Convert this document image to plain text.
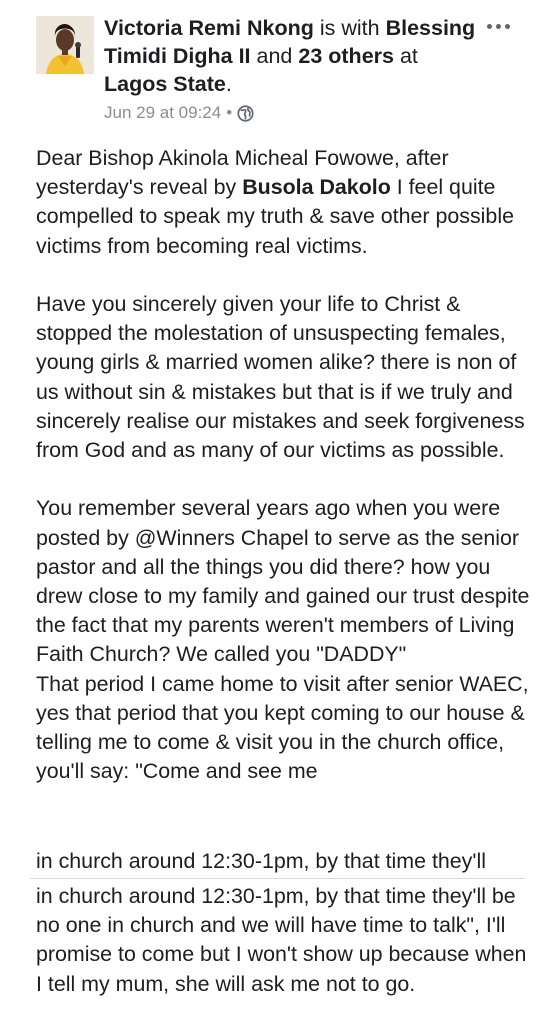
Victoria Remi Nkong is with Blessing Timidi Digha II and 23 others at Lagos State.
Jun 29 at 09:24 •

Dear Bishop Akinola Micheal Fowowe, after yesterday's reveal by Busola Dakolo I feel quite compelled to speak my truth & save other possible victims from becoming real victims.

Have you sincerely given your life to Christ & stopped the molestation of unsuspecting females, young girls & married women alike? there is non of us without sin & mistakes but that is if we truly and sincerely realise our mistakes and seek forgiveness from God and as many of our victims as possible.

You remember several years ago when you were posted by @Winners Chapel to serve as the senior pastor and all the things you did there? how you drew close to my family and gained our trust despite the fact that my parents weren't members of Living Faith Church? We called you "DADDY"

That period I came home to visit after senior WAEC, yes that period that you kept coming to our house & telling me to come & visit you in the church office, you'll say: "Come and see me

in church around 12:30-1pm, by that time they'll

in church around 12:30-1pm, by that time they'll be no one in church and we will have time to talk", I'll promise to come but I won't show up because when I tell my mum, she will ask me not to go.
